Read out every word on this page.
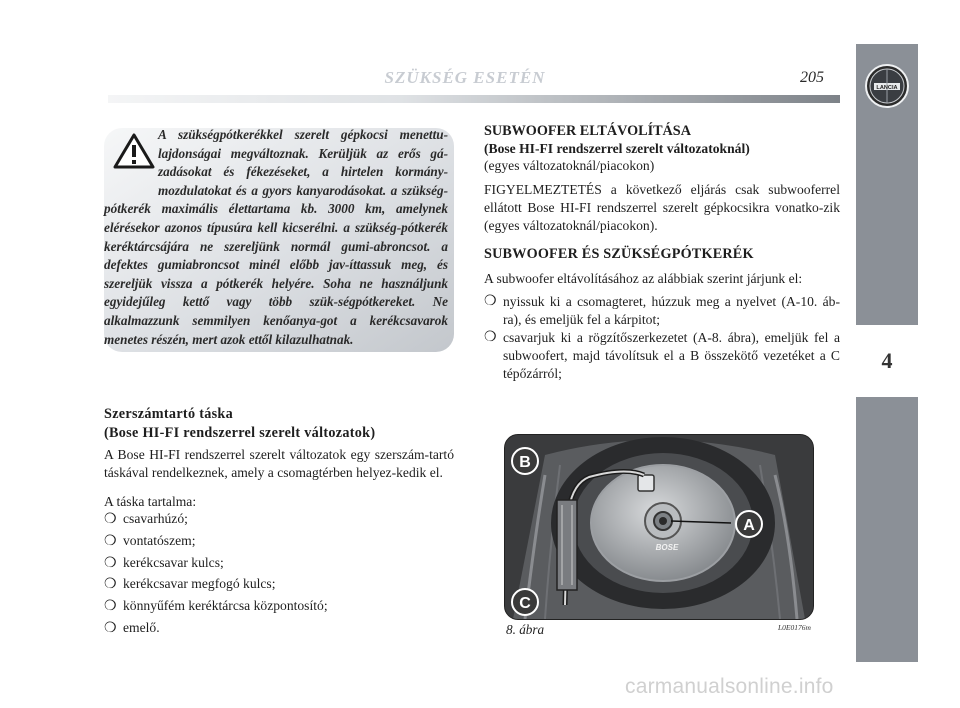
SZÜKSÉG ESETÉN	205
4
LANCIA

A szükségpótkerékkel szerelt gépkocsi menettu-lajdonságai megváltoznak. Kerüljük az erős gá-zadásokat és fékezéseket, a hirtelen kormány-mozdulatokat és a gyors kanyarodásokat. a szükség-pótkerék maximális élettartama kb. 3000 km, amelynek elérésekor azonos típusúra kell kicserélni. a szükség-pótkerék keréktárcsájára ne szereljünk normál gumi-abroncsot. a defektes gumiabroncsot minél előbb jav-íttassuk meg, és szereljük vissza a pótkerék helyére. Soha ne használjunk egyidejűleg kettő vagy több szük-ségpótkereket. Ne alkalmazzunk semmilyen kenőanya-got a kerékcsavarok menetes részén, mert azok ettől kilazulhatnak.

Szerszámtartó táska
(Bose HI-FI rendszerrel szerelt változatok)

A Bose HI-FI rendszerrel szerelt változatok egy szerszám-tartó táskával rendelkeznek, amely a csomagtérben helyez-kedik el.

A táska tartalma:
❍ csavarhúzó;
❍ vontatószem;
❍ kerékcsavar kulcs;
❍ kerékcsavar megfogó kulcs;
❍ könnyűfém keréktárcsa központosító;
❍ emelő.
SUBWOOFER ELTÁVOLÍTÁSA
(Bose HI-FI rendszerrel szerelt változatoknál)
(egyes változatoknál/piacokon)

FIGYELMEZTETÉS a következő eljárás csak subwooferrel ellátott Bose HI-FI rendszerrel szerelt gépkocsikra vonatko-zik (egyes változatoknál/piacokon).

SUBWOOFER ÉS SZÜKSÉGPÓTKERÉK
A subwoofer eltávolításához az alábbiak szerint járjunk el:
❍ nyissuk ki a csomagteret, húzzuk meg a nyelvet (A-10. áb-ra), és emeljük fel a kárpitot;
❍ csavarjuk ki a rögzítőszerkezetet (A-8. ábra), emeljük fel a subwoofert, majd távolítsuk el a B összekötő vezetéket a C tépőzárról;
BOSE
B
A
C
8. ábra	L0E0176m
carmanualsonline.info
